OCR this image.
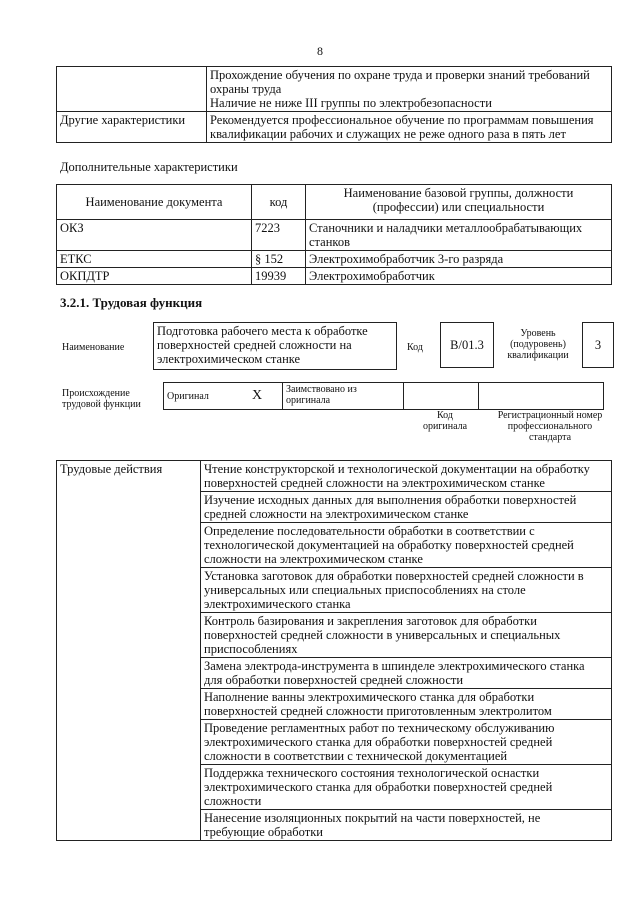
8

	Прохождение обучения по охране труда и проверки знаний требований
охраны труда
Наличие не ниже III группы по электробезопасности

Другие характеристики	Рекомендуется профессиональное обучение по программам повышения
квалификации рабочих и служащих не реже одного раза в пять лет
Дополнительные характеристики
Наименование документа	код	Наименование базовой группы, должности
(профессии) или специальности

ОКЗ	7223	Станочники и наладчики металлообрабатывающих
станков

ЕТКС	§ 152	Электрохимобработчик 3-го разряда

ОКПДТР	19939	Электрохимобработчик
3.2.1. Трудовая функция
Наименование
Подготовка рабочего места к обработке
поверхностей средней сложности на
электрохимическом станке
Код В/01.3
Уровень
(подуровень)
квалификации
3
Происхождение
трудовой функции
Оригинал	X	Заимствовано из
оригинала

Код
оригинала
Регистрационный номер
профессионального
стандарта
Трудовые действия	Чтение конструкторской и технологической документации на обработку
поверхностей средней сложности на электрохимическом станке

Изучение исходных данных для выполнения обработки поверхностей
средней сложности на электрохимическом станке

Определение последовательности обработки в соответствии с
технологической документацией на обработку поверхностей средней
сложности на электрохимическом станке

Установка заготовок для обработки поверхностей средней сложности в
универсальных или специальных приспособлениях на столе
электрохимического станка

Контроль базирования и закрепления заготовок для обработки
поверхностей средней сложности в универсальных и специальных
приспособлениях

Замена электрода-инструмента в шпинделе электрохимического станка
для обработки поверхностей средней сложности

Наполнение ванны электрохимического станка для обработки
поверхностей средней сложности приготовленным электролитом

Проведение регламентных работ по техническому обслуживанию
электрохимического станка для обработки поверхностей средней
сложности в соответствии с технической документацией

Поддержка технического состояния технологической оснастки
электрохимического станка для обработки поверхностей средней
сложности

Нанесение изоляционных покрытий на части поверхностей, не
требующие обработки
